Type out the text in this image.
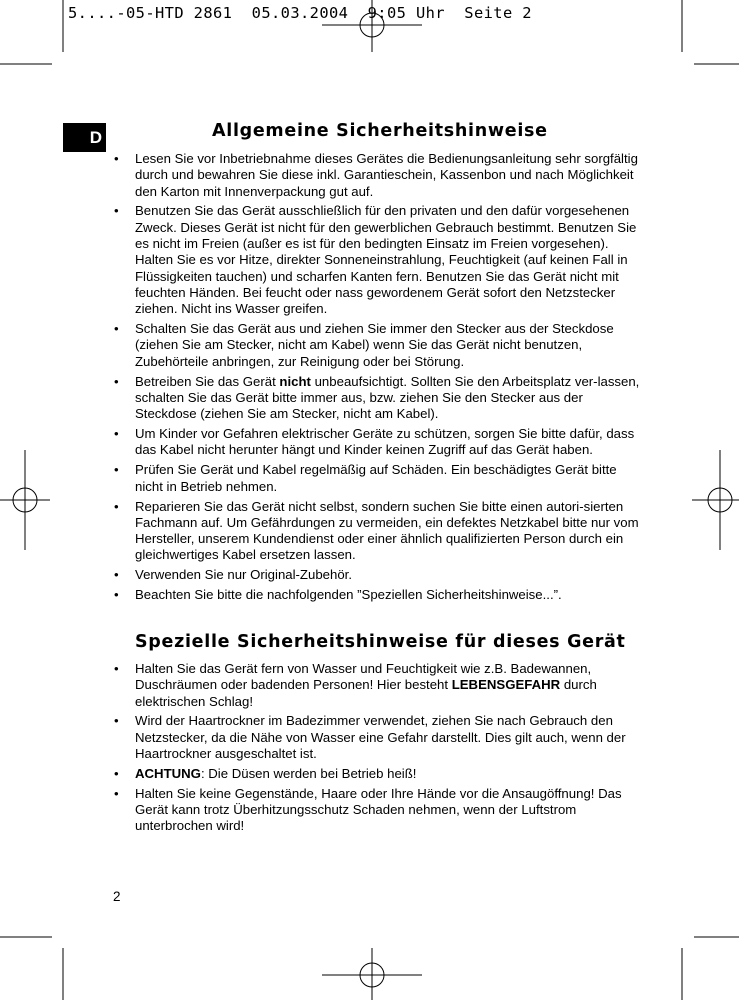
5....-05-HTD 2861  05.03.2004  9:05 Uhr  Seite 2
D	Allgemeine Sicherheitshinweise
• Lesen Sie vor Inbetriebnahme dieses Gerätes die Bedienungsanleitung sehr sorgfältig durch und bewahren Sie diese inkl. Garantieschein, Kassenbon und nach Möglichkeit den Karton mit Innenverpackung gut auf.
• Benutzen Sie das Gerät ausschließlich für den privaten und den dafür vorgesehenen Zweck. Dieses Gerät ist nicht für den gewerblichen Gebrauch bestimmt. Benutzen Sie es nicht im Freien (außer es ist für den bedingten Einsatz im Freien vorgesehen). Halten Sie es vor Hitze, direkter Sonneneinstrahlung, Feuchtigkeit (auf keinen Fall in Flüssigkeiten tauchen) und scharfen Kanten fern. Benutzen Sie das Gerät nicht mit feuchten Händen. Bei feucht oder nass gewordenem Gerät sofort den Netzstecker ziehen. Nicht ins Wasser greifen.
• Schalten Sie das Gerät aus und ziehen Sie immer den Stecker aus der Steckdose (ziehen Sie am Stecker, nicht am Kabel) wenn Sie das Gerät nicht benutzen, Zubehörteile anbringen, zur Reinigung oder bei Störung.
• Betreiben Sie das Gerät nicht unbeaufsichtigt. Sollten Sie den Arbeitsplatz ver-lassen, schalten Sie das Gerät bitte immer aus, bzw. ziehen Sie den Stecker aus der Steckdose (ziehen Sie am Stecker, nicht am Kabel).
• Um Kinder vor Gefahren elektrischer Geräte zu schützen, sorgen Sie bitte dafür, dass das Kabel nicht herunter hängt und Kinder keinen Zugriff auf das Gerät haben.
• Prüfen Sie Gerät und Kabel regelmäßig auf Schäden. Ein beschädigtes Gerät bitte nicht in Betrieb nehmen.
• Reparieren Sie das Gerät nicht selbst, sondern suchen Sie bitte einen autori-sierten Fachmann auf. Um Gefährdungen zu vermeiden, ein defektes Netzkabel bitte nur vom Hersteller, unserem Kundendienst oder einer ähnlich qualifizierten Person durch ein gleichwertiges Kabel ersetzen lassen.
• Verwenden Sie nur Original-Zubehör.
• Beachten Sie bitte die nachfolgenden ”Speziellen Sicherheitshinweise...”.
Spezielle Sicherheitshinweise für dieses Gerät
• Halten Sie das Gerät fern von Wasser und Feuchtigkeit wie z.B. Badewannen, Duschräumen oder badenden Personen! Hier besteht LEBENSGEFAHR durch elektrischen Schlag!
• Wird der Haartrockner im Badezimmer verwendet, ziehen Sie nach Gebrauch den Netzstecker, da die Nähe von Wasser eine Gefahr darstellt. Dies gilt auch, wenn der Haartrockner ausgeschaltet ist.
• ACHTUNG: Die Düsen werden bei Betrieb heiß!
• Halten Sie keine Gegenstände, Haare oder Ihre Hände vor die Ansaugöffnung! Das Gerät kann trotz Überhitzungsschutz Schaden nehmen, wenn der Luftstrom unterbrochen wird!
2
